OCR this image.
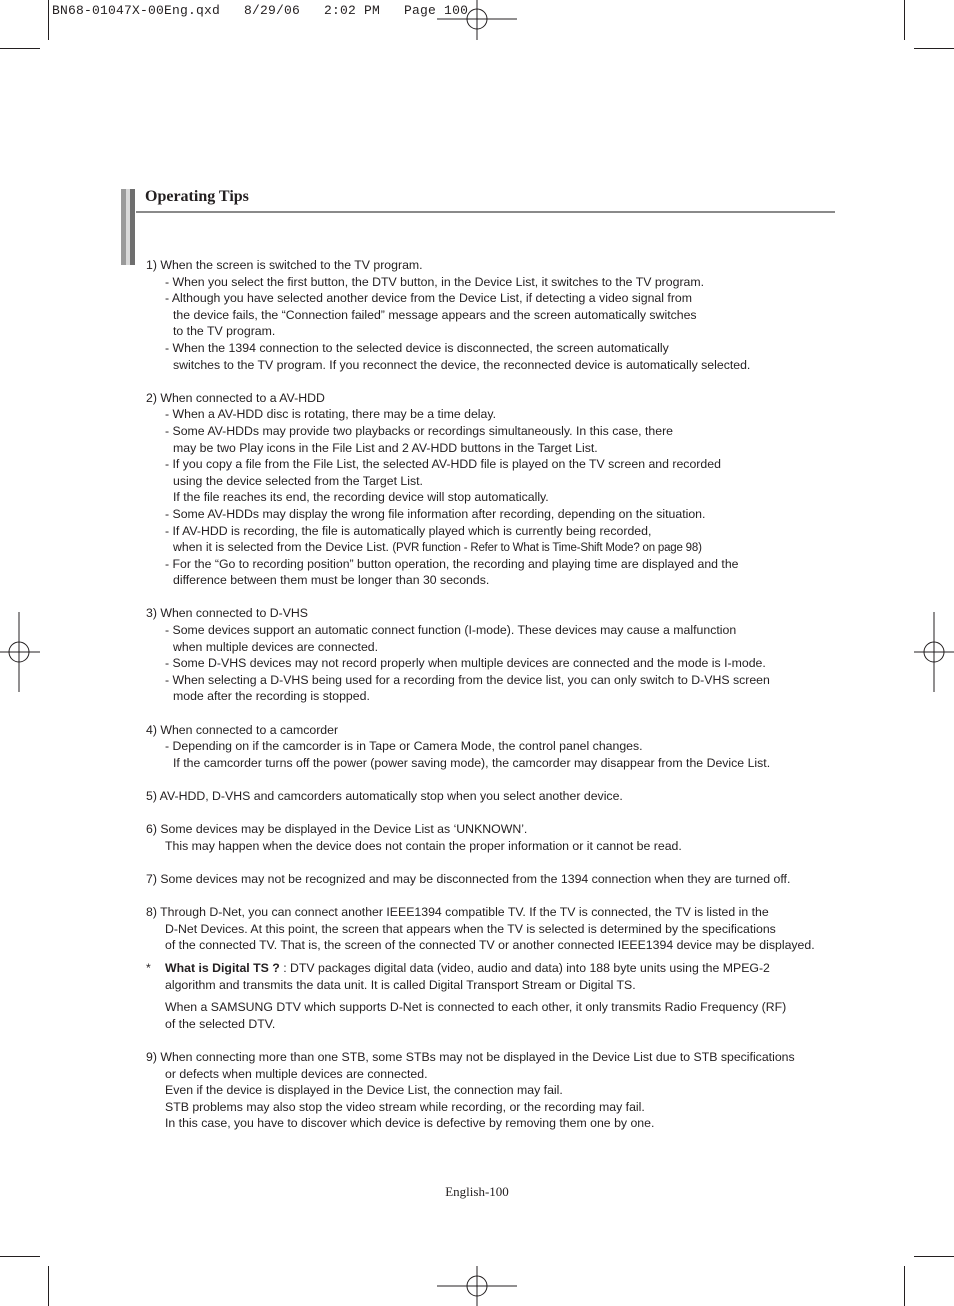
BN68-01047X-00Eng.qxd   8/29/06   2:02 PM   Page 100
Operating Tips
1) When the screen is switched to the TV program.
- When you select the first button, the DTV button, in the Device List, it switches to the TV program.
- Although you have selected another device from the Device List, if detecting a video signal from
the device fails, the “Connection failed” message appears and the screen automatically switches
to the TV program.
- When the 1394 connection to the selected device is disconnected, the screen automatically
switches to the TV program. If you reconnect the device, the reconnected device is automatically selected.
2) When connected to a AV-HDD
- When a AV-HDD disc is rotating, there may be a time delay.
- Some AV-HDDs may provide two playbacks or recordings simultaneously. In this case, there
may be two Play icons in the File List and 2 AV-HDD buttons in the Target List.
- If you copy a file from the File List, the selected AV-HDD file is played on the TV screen and recorded
using the device selected from the Target List.
If the file reaches its end, the recording device will stop automatically.
- Some AV-HDDs may display the wrong file information after recording, depending on the situation.
- If AV-HDD is recording, the file is automatically played which is currently being recorded,
when it is selected from the Device List. (PVR function - Refer to What is Time-Shift Mode? on page 98)
- For the “Go to recording position” button operation, the recording and playing time are displayed and the
difference between them must be longer than 30 seconds.
3) When connected to D-VHS
- Some devices support an automatic connect function (I-mode). These devices may cause a malfunction
when multiple devices are connected.
- Some D-VHS devices may not record properly when multiple devices are connected and the mode is I-mode.
- When selecting a D-VHS being used for a recording from the device list, you can only switch to D-VHS screen
mode after the recording is stopped.
4) When connected to a camcorder
- Depending on if the camcorder is in Tape or Camera Mode, the control panel changes.
If the camcorder turns off the power (power saving mode), the camcorder may disappear from the Device List.
5) AV-HDD, D-VHS and camcorders automatically stop when you select another device.
6) Some devices may be displayed in the Device List as ‘UNKNOWN’.
This may happen when the device does not contain the proper information or it cannot be read.
7) Some devices may not be recognized and may be disconnected from the 1394 connection when they are turned off.
8) Through D-Net, you can connect another IEEE1394 compatible TV. If the TV is connected, the TV is listed in the
D-Net Devices. At this point, the screen that appears when the TV is selected is determined by the specifications
of the connected TV. That is, the screen of the connected TV or another connected IEEE1394 device may be displayed.
* What is Digital TS ? : DTV packages digital data (video, audio and data) into 188 byte units using the MPEG-2
algorithm and transmits the data unit. It is called Digital Transport Stream or Digital TS.
When a SAMSUNG DTV which supports D-Net is connected to each other, it only transmits Radio Frequency (RF)
of the selected DTV.
9) When connecting more than one STB, some STBs may not be displayed in the Device List due to STB specifications
or defects when multiple devices are connected.
Even if the device is displayed in the Device List, the connection may fail.
STB problems may also stop the video stream while recording, or the recording may fail.
In this case, you have to discover which device is defective by removing them one by one.
English-100
